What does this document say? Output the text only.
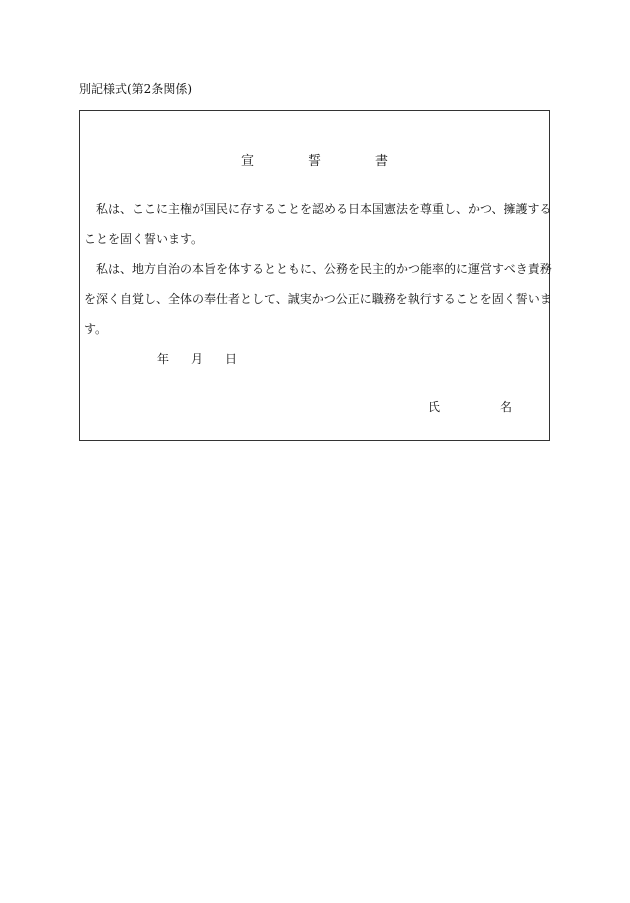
別記様式(第2条関係)
宣	誓	書
私は、ここに主権が国民に存することを認める日本国憲法を尊重し、かつ、擁護する
ことを固く誓います。
私は、地方自治の本旨を体するとともに、公務を民主的かつ能率的に運営すべき責務
を深く自覚し、全体の奉仕者として、誠実かつ公正に職務を執行することを固く誓いま
す。
年 月 日
氏	名
